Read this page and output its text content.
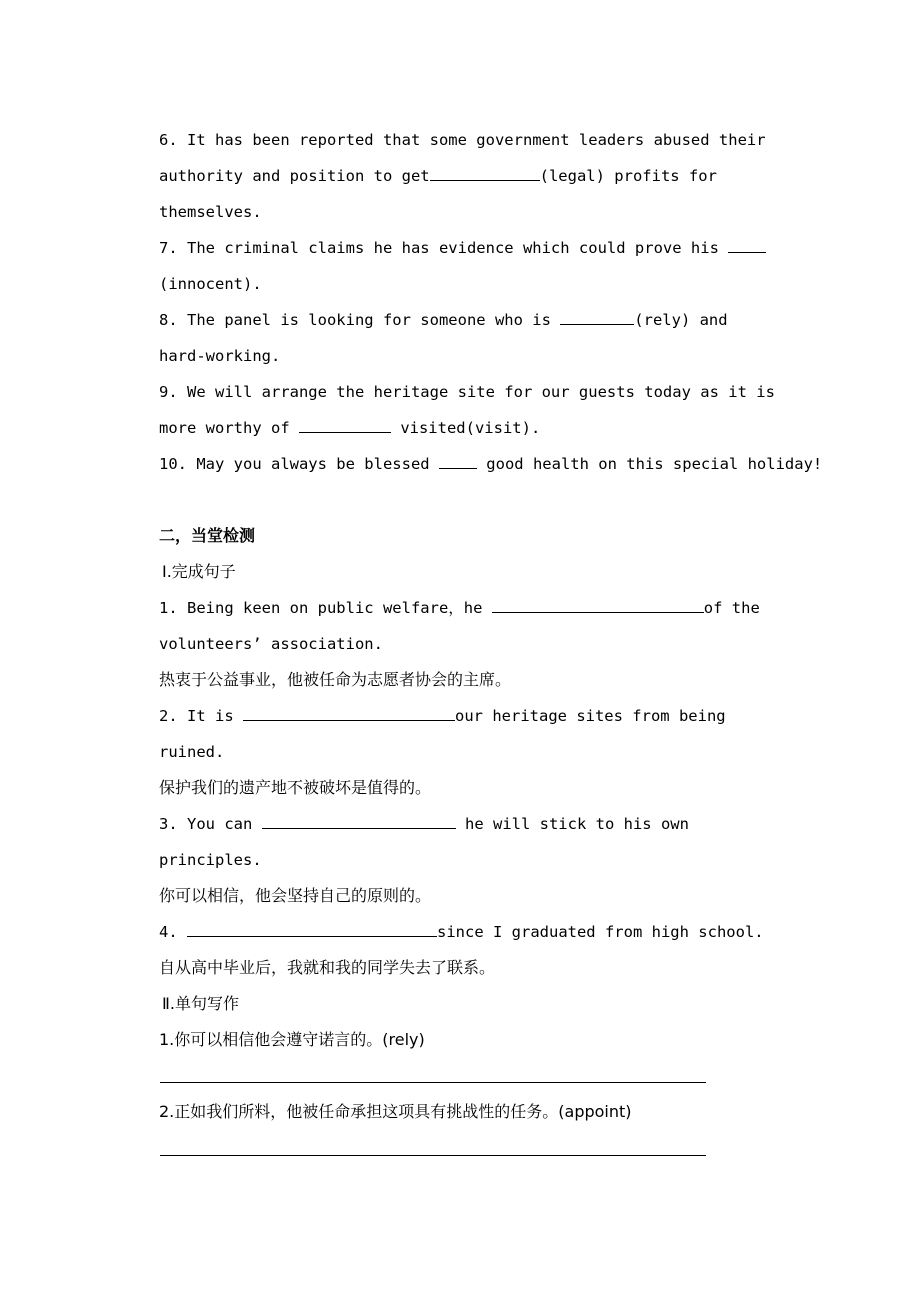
6. It has been reported that some government leaders abused their
authority and position to get	(legal) profits for
themselves.
7. The criminal claims he has evidence which could prove his
(innocent).
8. The panel is looking for someone who is	(rely) and
hard-working.
9. We will arrange the heritage site for our guests today as it is
more worthy of	visited(visit).
10. May you always be blessed  good health on this special holiday!
二，当堂检测
Ⅰ.完成句子
1. Being keen on public welfare，he	of the
volunteers’ association.
热衷于公益事业，他被任命为志愿者协会的主席。
2. It is	our heritage sites from being
ruined.
保护我们的遗产地不被破坏是值得的。
3. You can	he will stick to his own
principles.
你可以相信，他会坚持自己的原则的。
4.	since I graduated from high school.
自从高中毕业后，我就和我的同学失去了联系。
Ⅱ.单句写作
1.你可以相信他会遵守诺言的。(rely)
2.正如我们所料，他被任命承担这项具有挑战性的任务。(appoint)
